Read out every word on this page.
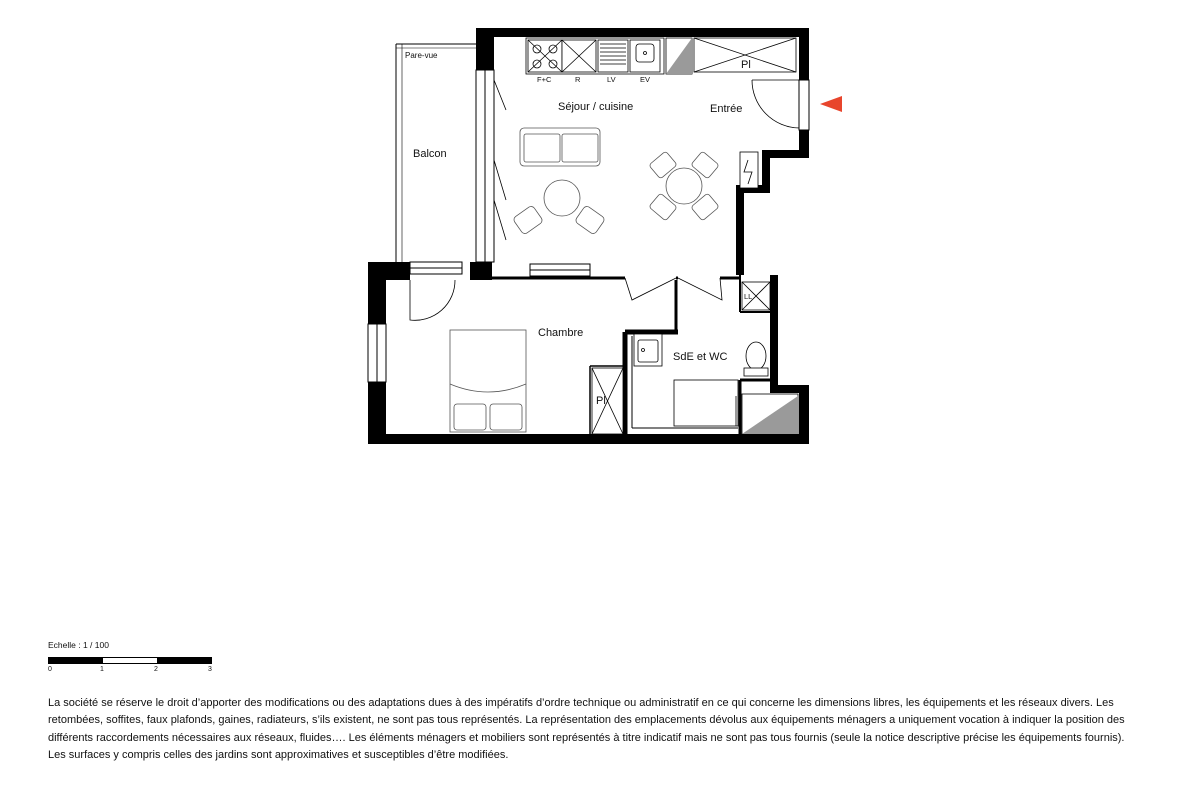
Pare-vue
Balcon
Séjour / cuisine	Entrée
Chambre
SdE et WC
Pl
Pl
F+C	R	LV	EV
LL
Echelle : 1 / 100
0	1	2	3

La société se réserve le droit d’apporter des modifications ou des adaptations dues à des impératifs d’ordre technique ou administratif en ce qui concerne les dimensions libres, les équipements et les réseaux divers. Les retombées, soffites, faux plafonds, gaines, radiateurs, s’ils existent, ne sont pas tous représentés. La représentation des emplacements dévolus aux équipements ménagers a uniquement vocation à indiquer la position des différents raccordements nécessaires aux réseaux, fluides…. Les éléments ménagers et mobiliers sont représentés à titre indicatif mais ne sont pas tous fournis (seule la notice descriptive précise les équipements fournis).

Les surfaces y compris celles des jardins sont approximatives et susceptibles d’être modifiées.
